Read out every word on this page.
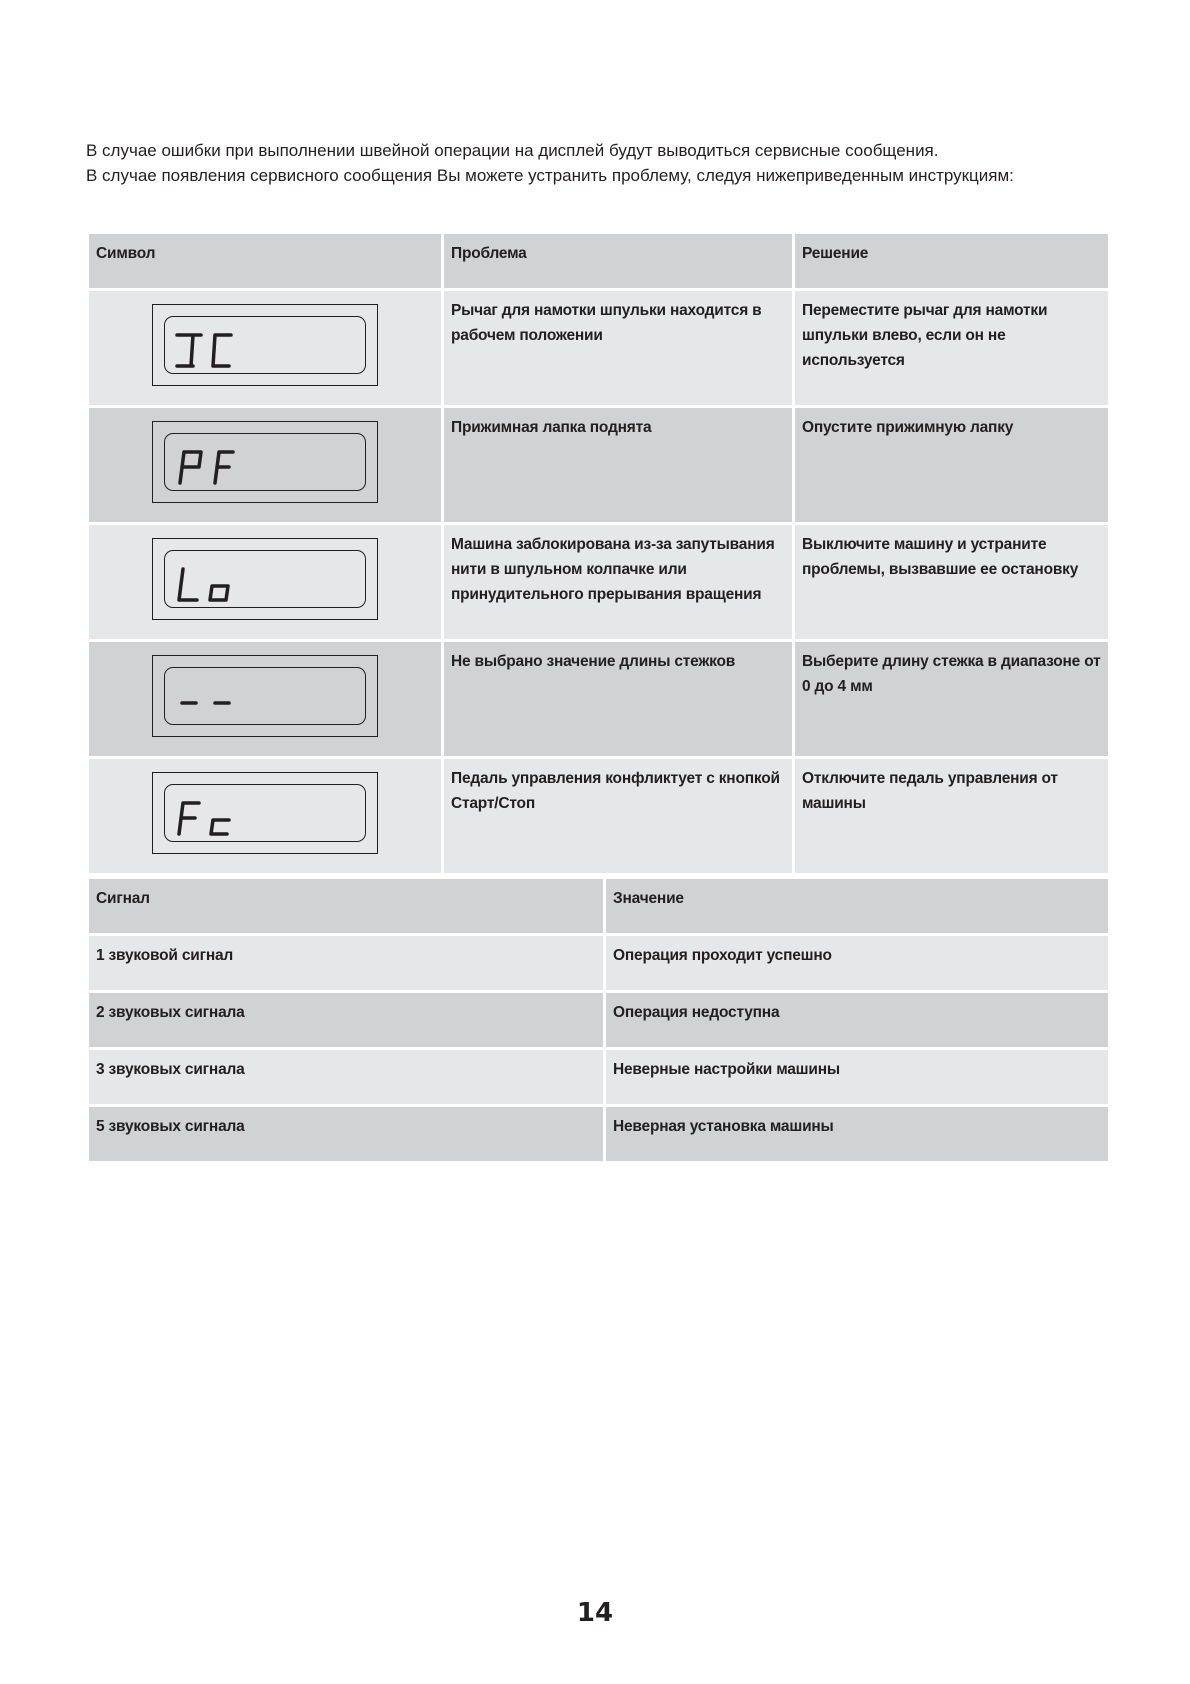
В случае ошибки при выполнении швейной операции на дисплей будут выводиться сервисные сообщения.

В случае появления сервисного сообщения Вы можете устранить проблему, следуя нижеприведенным инструкциям:

Символ	Проблема	Решение

	Рычаг для намотки шпульки находится в рабочем положении	Переместите рычаг для намотки шпульки влево, если он не используется

	Прижимная лапка поднята	Опустите прижимную лапку

	Машина заблокирована из-за запутывания нити в шпульном колпачке или принудительного прерывания вращения	Выключите машину и устраните проблемы, вызвавшие ее остановку

	Не выбрано значение длины стежков	Выберите длину стежка в диапазоне от 0 до 4 мм

	Педаль управления конфликтует с кнопкой Старт/Стоп	Отключите педаль управления от машины
Сигнал	Значение
1 звуковой сигнал	Операция проходит успешно
2 звуковых сигнала	Операция недоступна
3 звуковых сигнала	Неверные настройки машины
5 звуковых сигнала	Неверная установка машины
14
